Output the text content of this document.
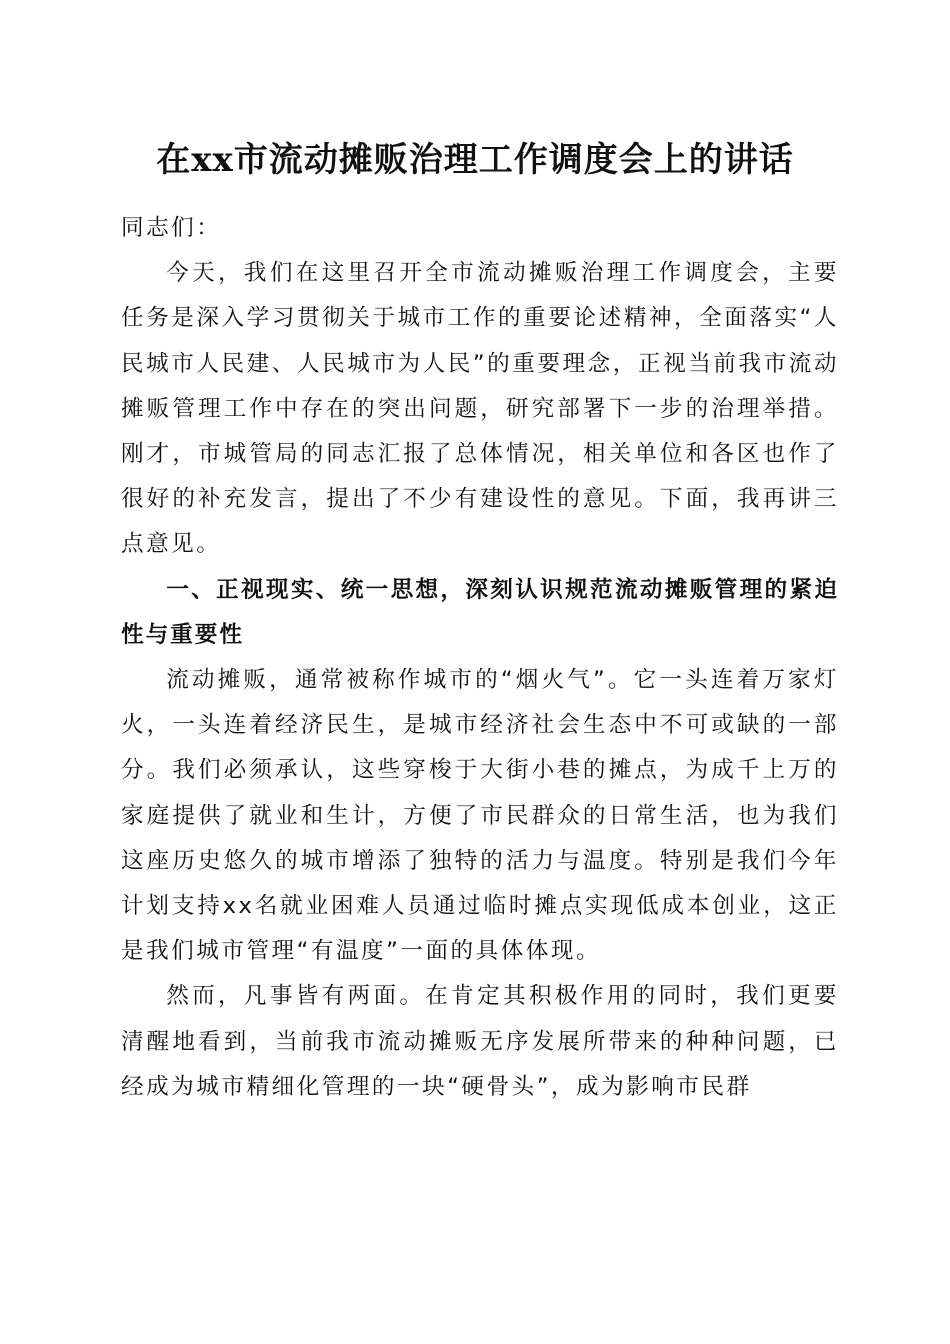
在xx市流动摊贩治理工作调度会上的讲话

同志们：

今天，我们在这里召开全市流动摊贩治理工作调度会，主要任务是深入学习贯彻关于城市工作的重要论述精神，全面落实“人民城市人民建、人民城市为人民”的重要理念，正视当前我市流动摊贩管理工作中存在的突出问题，研究部署下一步的治理举措。刚才，市城管局的同志汇报了总体情况，相关单位和各区也作了很好的补充发言，提出了不少有建设性的意见。下面，我再讲三点意见。

一、正视现实、统一思想，深刻认识规范流动摊贩管理的紧迫性与重要性

流动摊贩，通常被称作城市的“烟火气”。它一头连着万家灯火，一头连着经济民生，是城市经济社会生态中不可或缺的一部分。我们必须承认，这些穿梭于大街小巷的摊点，为成千上万的家庭提供了就业和生计，方便了市民群众的日常生活，也为我们这座历史悠久的城市增添了独特的活力与温度。特别是我们今年计划支持xx名就业困难人员通过临时摊点实现低成本创业，这正是我们城市管理“有温度”一面的具体体现。

然而，凡事皆有两面。在肯定其积极作用的同时，我们更要清醒地看到，当前我市流动摊贩无序发展所带来的种种问题，已经成为城市精细化管理的一块“硬骨头”，成为影响市民群
